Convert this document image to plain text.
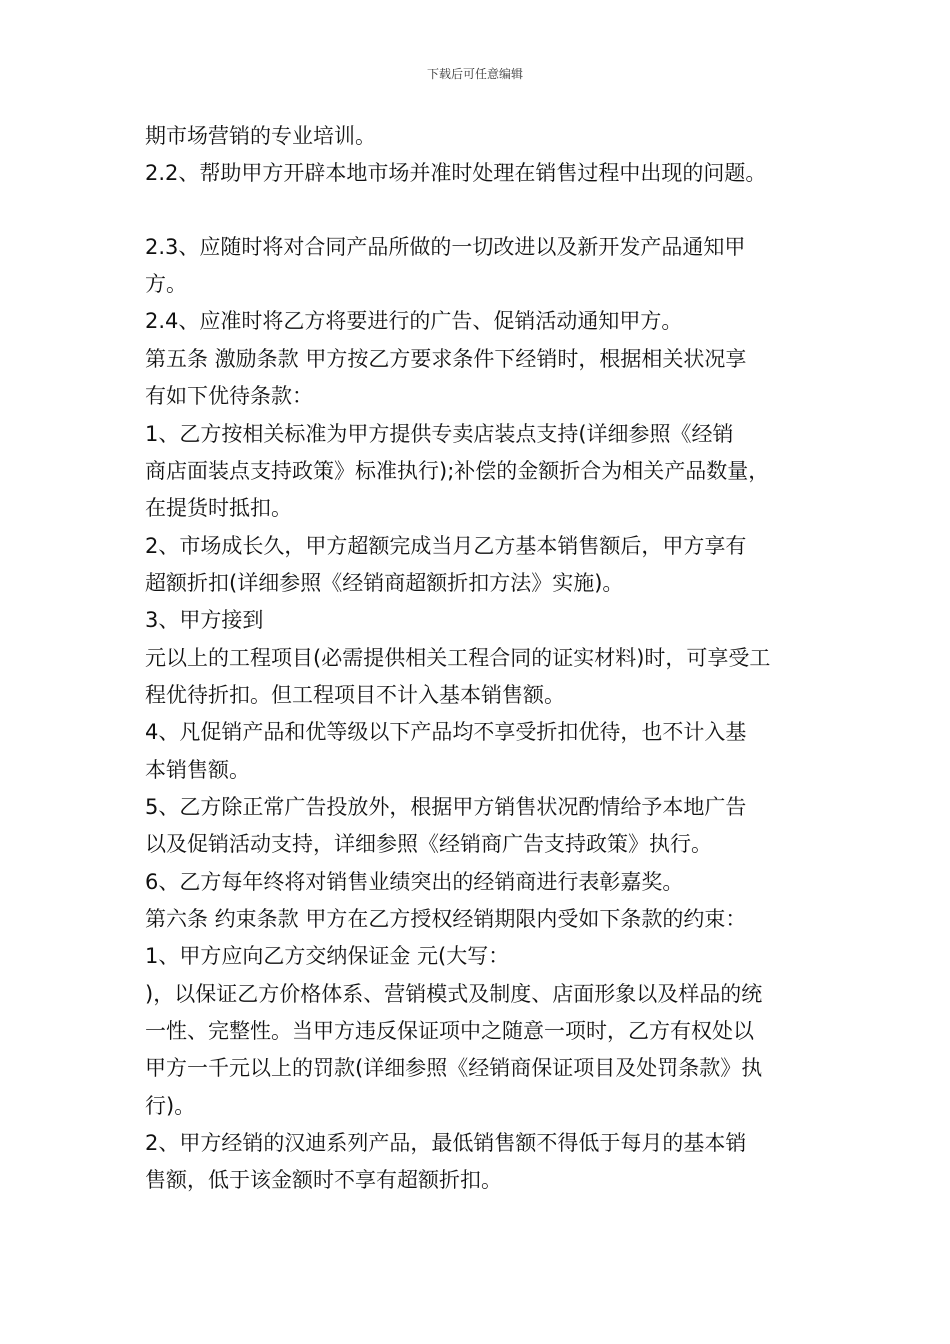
下载后可任意编辑
期市场营销的专业培训。
2.2、帮助甲方开辟本地市场并准时处理在销售过程中出现的问题。
2.3、应随时将对合同产品所做的一切改进以及新开发产品通知甲
方。
2.4、应准时将乙方将要进行的广告、促销活动通知甲方。
第五条 激励条款 甲方按乙方要求条件下经销时，根据相关状况享
有如下优待条款：
1、乙方按相关标准为甲方提供专卖店装点支持(详细参照《经销
商店面装点支持政策》标准执行);补偿的金额折合为相关产品数量，
在提货时抵扣。
2、市场成长久，甲方超额完成当月乙方基本销售额后，甲方享有
超额折扣(详细参照《经销商超额折扣方法》实施)。
3、甲方接到
元以上的工程项目(必需提供相关工程合同的证实材料)时，可享受工
程优待折扣。但工程项目不计入基本销售额。
4、凡促销产品和优等级以下产品均不享受折扣优待，也不计入基
本销售额。
5、乙方除正常广告投放外，根据甲方销售状况酌情给予本地广告
以及促销活动支持，详细参照《经销商广告支持政策》执行。
6、乙方每年终将对销售业绩突出的经销商进行表彰嘉奖。
第六条 约束条款 甲方在乙方授权经销期限内受如下条款的约束：
1、甲方应向乙方交纳保证金 元(大写：
)，以保证乙方价格体系、营销模式及制度、店面形象以及样品的统
一性、完整性。当甲方违反保证项中之随意一项时，乙方有权处以
甲方一千元以上的罚款(详细参照《经销商保证项目及处罚条款》执
行)。
2、甲方经销的汉迪系列产品，最低销售额不得低于每月的基本销
售额，低于该金额时不享有超额折扣。
